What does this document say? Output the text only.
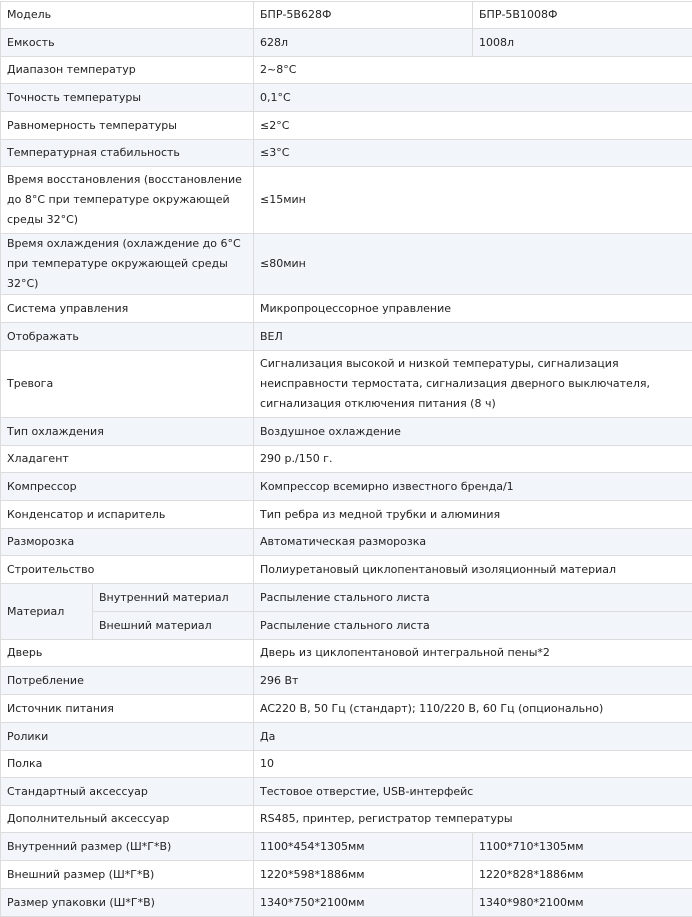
Модель		БПР-5В628Ф	БПР-5В1008Ф
Емкость		628л	1008л
Диапазон температур		2~8°C	
Точность температуры		0,1°C	
Равномерность температуры		≤2°C	
Температурная стабильность		≤3°C	
Время восстановления (восстановление до 8°C при температуре окружающей среды 32°C)		≤15мин	
Время охлаждения (охлаждение до 6°C при температуре окружающей среды 32°C)		≤80мин	
Система управления		Микропроцессорное управление	
Отображать		ВЕЛ	
Тревога		Сигнализация высокой и низкой температуры, сигнализация неисправности термостата, сигнализация дверного выключателя, сигнализация отключения питания (8 ч)	
Тип охлаждения		Воздушное охлаждение	
Хладагент		290 р./150 г.	
Компрессор		Компрессор всемирно известного бренда/1	
Конденсатор и испаритель		Тип ребра из медной трубки и алюминия	
Разморозка		Автоматическая разморозка	
Строительство		Полиуретановый циклопентановый изоляционный материал	
Материал	Внутренний материал	Распыление стального листа	
	Внешний материал	Распыление стального листа	
Дверь		Дверь из циклопентановой интегральной пены*2	
Потребление		296 Вт	
Источник питания		AC220 В, 50 Гц (стандарт); 110/220 В, 60 Гц (опционально)	
Ролики		Да	
Полка		10	
Стандартный аксессуар		Тестовое отверстие, USB-интерфейс	
Дополнительный аксессуар		RS485, принтер, регистратор температуры	
Внутренний размер (Ш*Г*В)		1100*454*1305мм	1100*710*1305мм
Внешний размер (Ш*Г*В)		1220*598*1886мм	1220*828*1886мм
Размер упаковки (Ш*Г*В)		1340*750*2100мм	1340*980*2100мм
